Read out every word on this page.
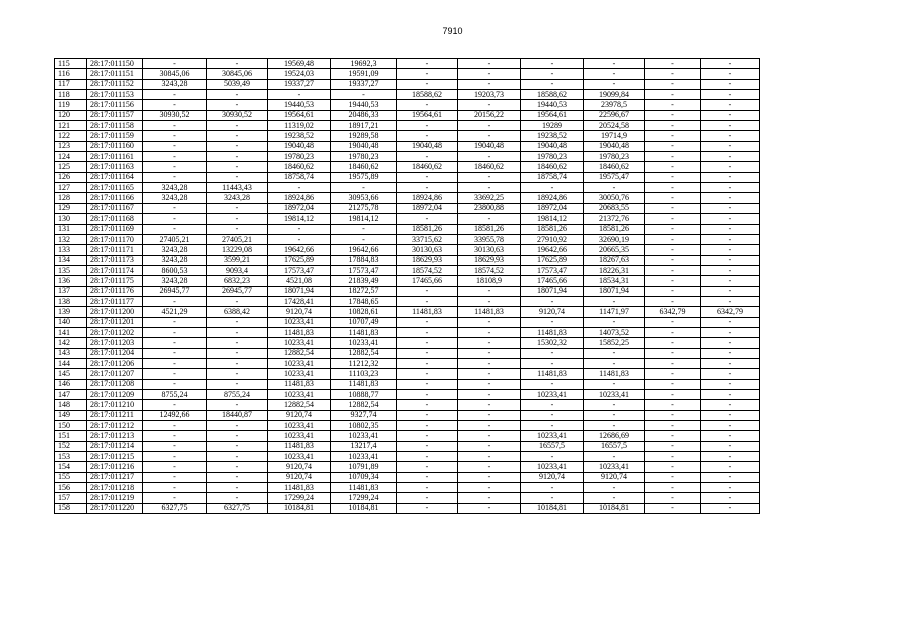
7910
115	28:17:011150	-	-	19569,48	19692,3	-	-	-	-	-	-
116	28:17:011151	30845,06	30845,06	19524,03	19591,09	-	-	-	-	-	-
117	28:17:011152	3243,28	5039,49	19337,27	19337,27	-	-	-	-	-	-
118	28:17:011153	-	-	-	-	18588,62	19203,73	18588,62	19099,84	-	-
119	28:17:011156	-	-	19440,53	19440,53	-	-	19440,53	23978,5	-	-
120	28:17:011157	30930,52	30930,52	19564,61	20486,33	19564,61	20156,22	19564,61	22596,67	-	-
121	28:17:011158	-	-	11319,02	18917,21	-	-	19289	20524,58	-	-
122	28:17:011159	-	-	19238,52	19289,58	-	-	19238,52	19714,9	-	-
123	28:17:011160	-	-	19040,48	19040,48	19040,48	19040,48	19040,48	19040,48	-	-
124	28:17:011161	-	-	19780,23	19780,23	-	-	19780,23	19780,23	-	-
125	28:17:011163	-	-	18460,62	18460,62	18460,62	18460,62	18460,62	18460,62	-	-
126	28:17:011164	-	-	18758,74	19575,89	-	-	18758,74	19575,47	-	-
127	28:17:011165	3243,28	11443,43	-	-	-	-	-	-	-	-
128	28:17:011166	3243,28	3243,28	18924,86	30953,66	18924,86	33692,25	18924,86	30050,76	-	-
129	28:17:011167	-	-	18972,04	21275,78	18972,04	23800,88	18972,04	20683,55	-	-
130	28:17:011168	-	-	19814,12	19814,12	-	-	19814,12	21372,76	-	-
131	28:17:011169	-	-	-	-	18581,26	18581,26	18581,26	18581,26	-	-
132	28:17:011170	27405,21	27405,21	-	-	33715,62	33955,78	27910,92	32690,19	-	-
133	28:17:011171	3243,28	13229,08	19642,66	19642,66	30130,63	30130,63	19642,66	20665,35	-	-
134	28:17:011173	3243,28	3599,21	17625,89	17884,83	18629,93	18629,93	17625,89	18267,63	-	-
135	28:17:011174	8600,53	9093,4	17573,47	17573,47	18574,52	18574,52	17573,47	18226,31	-	-
136	28:17:011175	3243,28	6832,23	4521,08	21839,49	17465,66	18108,9	17465,66	18534,31	-	-
137	28:17:011176	26945,77	26945,77	18071,94	18272,57	-	-	18071,94	18071,94	-	-
138	28:17:011177	-	-	17428,41	17848,65	-	-	-	-	-	-
139	28:17:011200	4521,29	6388,42	9120,74	10828,61	11481,83	11481,83	9120,74	11471,97	6342,79	6342,79
140	28:17:011201	-	-	10233,41	10707,49	-	-	-	-	-	-
141	28:17:011202	-	-	11481,83	11481,83	-	-	11481,83	14073,52	-	-
142	28:17:011203	-	-	10233,41	10233,41	-	-	15302,32	15852,25	-	-
143	28:17:011204	-	-	12882,54	12882,54	-	-	-	-	-	-
144	28:17:011206	-	-	10233,41	11212,32	-	-	-	-	-	-
145	28:17:011207	-	-	10233,41	11103,23	-	-	11481,83	11481,83	-	-
146	28:17:011208	-	-	11481,83	11481,83	-	-	-	-	-	-
147	28:17:011209	8755,24	8755,24	10233,41	10888,77	-	-	10233,41	10233,41	-	-
148	28:17:011210	-	-	12882,54	12882,54	-	-	-	-	-	-
149	28:17:011211	12492,66	18440,87	9120,74	9327,74	-	-	-	-	-	-
150	28:17:011212	-	-	10233,41	10802,35	-	-	-	-	-	-
151	28:17:011213	-	-	10233,41	10233,41	-	-	10233,41	12686,69	-	-
152	28:17:011214	-	-	11481,83	13217,4	-	-	16557,5	16557,5	-	-
153	28:17:011215	-	-	10233,41	10233,41	-	-	-	-	-	-
154	28:17:011216	-	-	9120,74	10791,89	-	-	10233,41	10233,41	-	-
155	28:17:011217	-	-	9120,74	10709,34	-	-	9120,74	9120,74	-	-
156	28:17:011218	-	-	11481,83	11481,83	-	-	-	-	-	-
157	28:17:011219	-	-	17299,24	17299,24	-	-	-	-	-	-
158	28:17:011220	6327,75	6327,75	10184,81	10184,81	-	-	10184,81	10184,81	-	-
